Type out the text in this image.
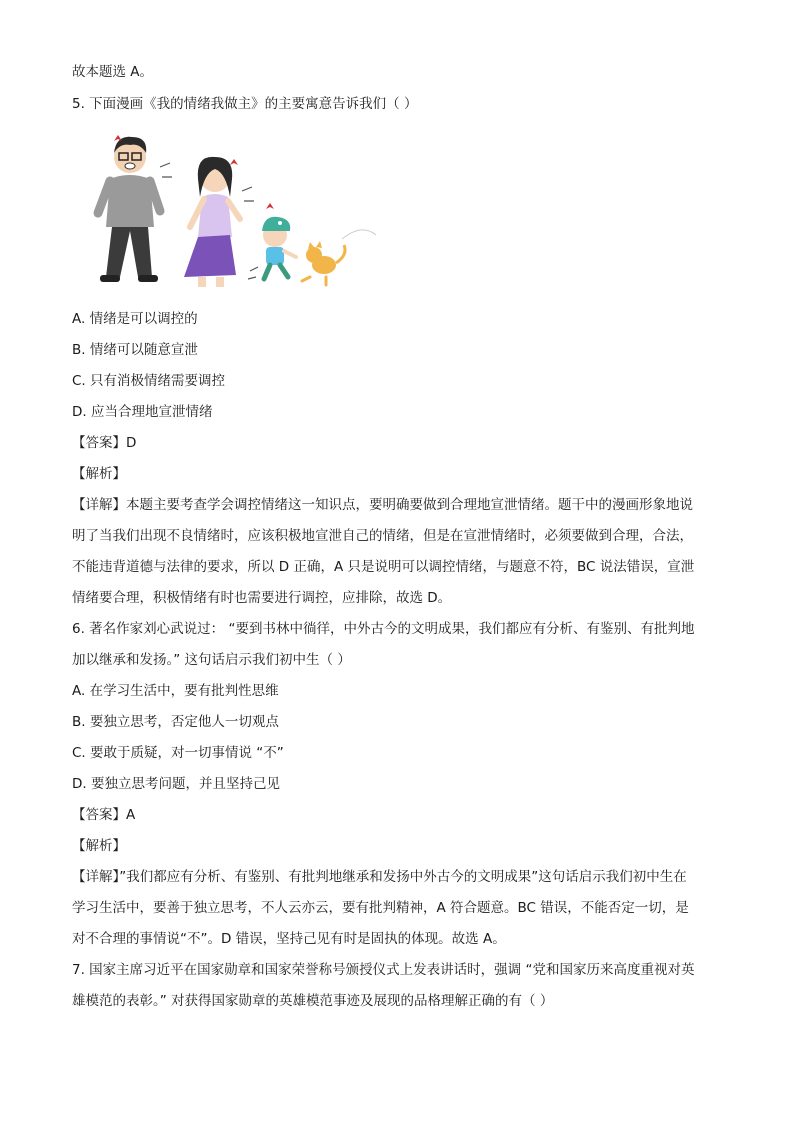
故本题选 A。

5. 下面漫画《我的情绪我做主》的主要寓意告诉我们（ ）

A. 情绪是可以调控的

B. 情绪可以随意宣泄

C. 只有消极情绪需要调控

D. 应当合理地宣泄情绪

【答案】D

【解析】

【详解】本题主要考查学会调控情绪这一知识点，要明确要做到合理地宣泄情绪。题干中的漫画形象地说

明了当我们出现不良情绪时，应该积极地宣泄自己的情绪，但是在宣泄情绪时，必须要做到合理，合法，

不能违背道德与法律的要求，所以 D 正确，A 只是说明可以调控情绪，与题意不符，BC 说法错误，宣泄

情绪要合理，积极情绪有时也需要进行调控，应排除，故选 D。

6. 著名作家刘心武说过： “要到书林中徜徉，中外古今的文明成果，我们都应有分析、有鉴别、有批判地

加以继承和发扬。” 这句话启示我们初中生（ ）

A. 在学习生活中，要有批判性思维

B. 要独立思考，否定他人一切观点

C. 要敢于质疑，对一切事情说 “不”

D. 要独立思考问题，并且坚持己见

【答案】A

【解析】

【详解】”我们都应有分析、有鉴别、有批判地继承和发扬中外古今的文明成果”这句话启示我们初中生在

学习生活中，要善于独立思考，不人云亦云，要有批判精神，A 符合题意。BC 错误，不能否定一切，是

对不合理的事情说“不”。D 错误，坚持己见有时是固执的体现。故选 A。

7. 国家主席习近平在国家勋章和国家荣誉称号颁授仪式上发表讲话时，强调 “党和国家历来高度重视对英

雄模范的表彰。” 对获得国家勋章的英雄模范事迹及展现的品格理解正确的有（ ）
